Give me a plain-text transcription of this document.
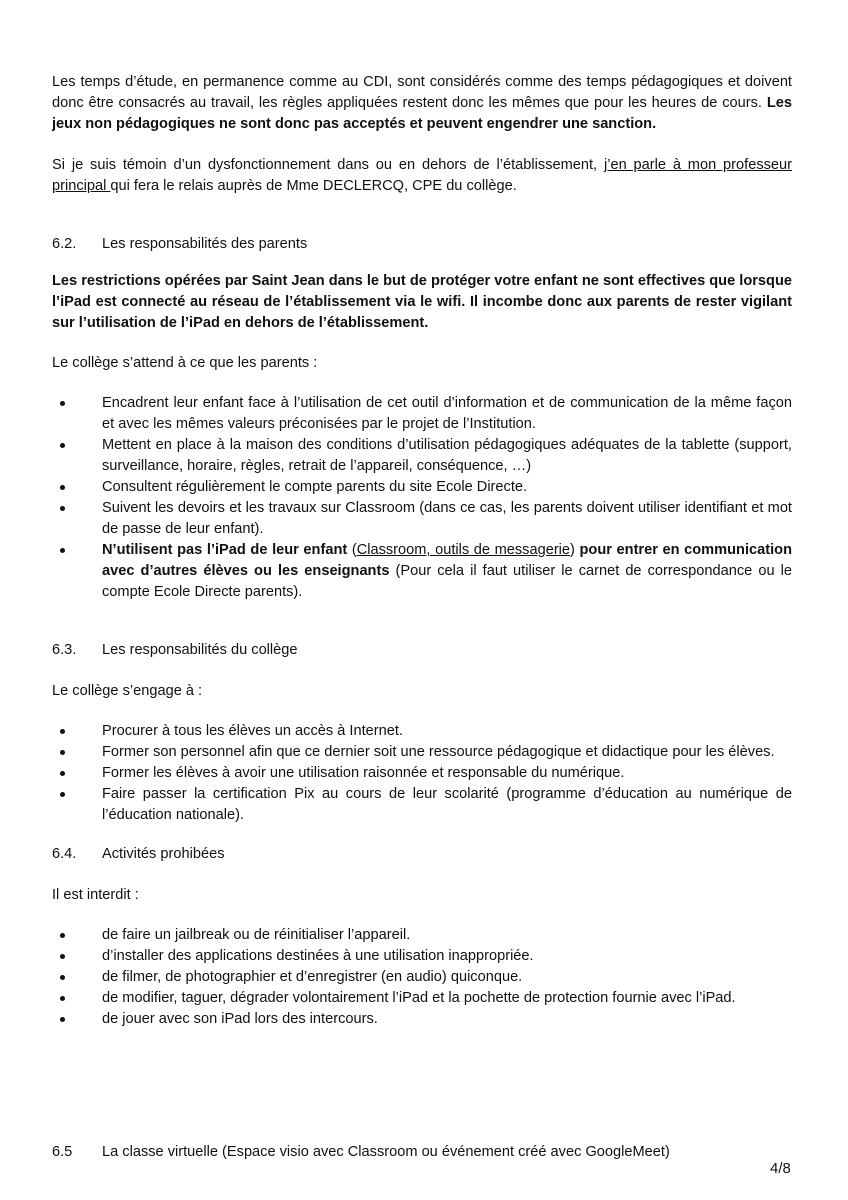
Les temps d’étude, en permanence comme au CDI, sont considérés comme des temps pédagogiques et doivent donc être consacrés au travail, les règles appliquées restent donc les mêmes que pour les heures de cours. Les jeux non pédagogiques ne sont donc pas acceptés et peuvent engendrer une sanction.

Si je suis témoin d’un dysfonctionnement dans ou en dehors de l’établissement, j’en parle à mon professeur principal qui fera le relais auprès de Mme DECLERCQ, CPE du collège.

6.2.	Les responsabilités des parents

Les restrictions opérées par Saint Jean dans le but de protéger votre enfant ne sont effectives que lorsque l’iPad est connecté au réseau de l’établissement via le wifi. Il incombe donc aux parents de rester vigilant sur l’utilisation de l’iPad en dehors de l’établissement.

Le collège s’attend à ce que les parents :

Encadrent leur enfant face à l’utilisation de cet outil d’information et de communication de la même façon et avec les mêmes valeurs préconisées par le projet de l’Institution.
Mettent en place à la maison des conditions d’utilisation pédagogiques adéquates de la tablette (support, surveillance, horaire, règles, retrait de l’appareil, conséquence, …)
Consultent régulièrement le compte parents du site Ecole Directe.
Suivent les devoirs et les travaux sur Classroom (dans ce cas, les parents doivent utiliser identifiant et mot de passe de leur enfant).
N’utilisent pas l’iPad de leur enfant (Classroom, outils de messagerie) pour entrer en communication avec d’autres élèves ou les enseignants (Pour cela il faut utiliser le carnet de correspondance ou le compte Ecole Directe parents).
6.3.	Les responsabilités du collège

Le collège s’engage à :

Procurer à tous les élèves un accès à Internet.
Former son personnel afin que ce dernier soit une ressource pédagogique et didactique pour les élèves.
Former les élèves à avoir une utilisation raisonnée et responsable du numérique.
Faire passer la certification Pix au cours de leur scolarité (programme d’éducation au numérique de l’éducation nationale).
6.4.	Activités prohibées

Il est interdit :

de faire un jailbreak ou de réinitialiser l’appareil.
d’installer des applications destinées à une utilisation inappropriée.
de filmer, de photographier et d’enregistrer (en audio) quiconque.
de modifier, taguer, dégrader volontairement l’iPad et la pochette de protection fournie avec l’iPad.
de jouer avec son iPad lors des intercours.
6.5	La classe virtuelle (Espace visio avec Classroom ou événement créé avec GoogleMeet)
4/8
